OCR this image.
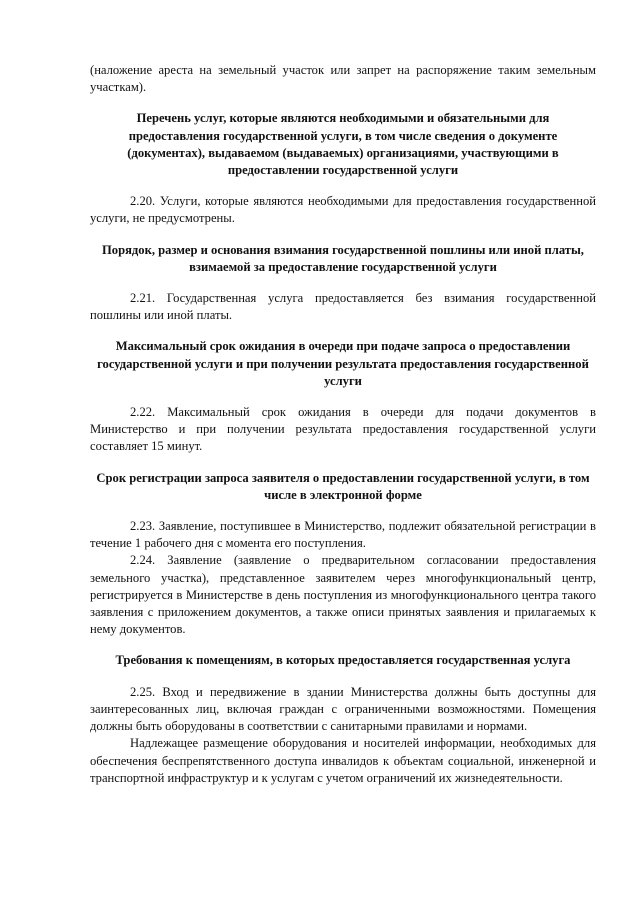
(наложение ареста на земельный участок или запрет на распоряжение таким земельным участкам).

Перечень услуг, которые являются необходимыми и обязательными для предоставления государственной услуги, в том числе сведения о документе (документах), выдаваемом (выдаваемых) организациями, участвующими в предоставлении государственной услуги

2.20. Услуги, которые являются необходимыми для предоставления государственной услуги, не предусмотрены.

Порядок, размер и основания взимания государственной пошлины или иной платы, взимаемой за предоставление государственной услуги

2.21. Государственная услуга предоставляется без взимания государственной пошлины или иной платы.

Максимальный срок ожидания в очереди при подаче запроса о предоставлении государственной услуги и при получении результата предоставления государственной услуги

2.22. Максимальный срок ожидания в очереди для подачи документов в Министерство и при получении результата предоставления государственной услуги составляет 15 минут.

Срок регистрации запроса заявителя о предоставлении государственной услуги, в том числе в электронной форме

2.23. Заявление, поступившее в Министерство, подлежит обязательной регистрации в течение 1 рабочего дня с момента его поступления.

2.24. Заявление (заявление о предварительном согласовании предоставления земельного участка), представленное заявителем через многофункциональный центр, регистрируется в Министерстве в день поступления из многофункционального центра такого заявления с приложением документов, а также описи принятых заявления и прилагаемых к нему документов.

Требования к помещениям, в которых предоставляется государственная услуга

2.25. Вход и передвижение в здании Министерства должны быть доступны для заинтересованных лиц, включая граждан с ограниченными возможностями. Помещения должны быть оборудованы в соответствии с санитарными правилами и нормами.

Надлежащее размещение оборудования и носителей информации, необходимых для обеспечения беспрепятственного доступа инвалидов к объектам социальной, инженерной и транспортной инфраструктур и к услугам с учетом ограничений их жизнедеятельности.
